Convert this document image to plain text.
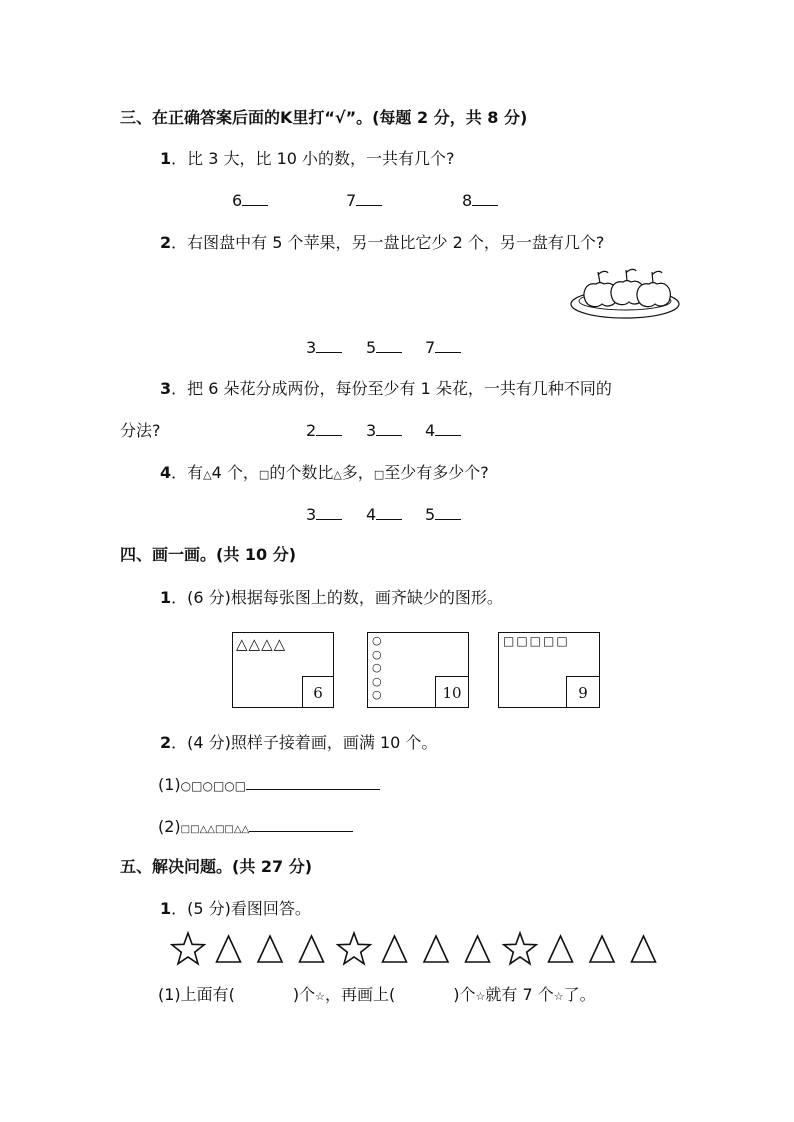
三、在正确答案后面的K里打“√”。(每题 2 分，共 8 分)
1．比 3 大，比 10 小的数，一共有几个?
6	7	8
2．右图盘中有 5 个苹果，另一盘比它少 2 个，另一盘有几个?
3	5	7
3．把 6 朵花分成两份，每份至少有 1 朵花，一共有几种不同的
分法?	2	3	4
4．有△4 个，□的个数比△多，□至少有多少个?
3	4	5
四、画一画。(共 10 分)
1．(6 分)根据每张图上的数，画齐缺少的图形。
△△△△
6
○○○○○	10
□□□□□
9
2．(4 分)照样子接着画，画满 10 个。
(1)○□○□○□
(2)□□△△□□△△
五、解决问题。(共 27 分)
1．(5 分)看图回答。
(1)上面有(	)个☆，再画上(	)个☆就有 7 个☆了。
